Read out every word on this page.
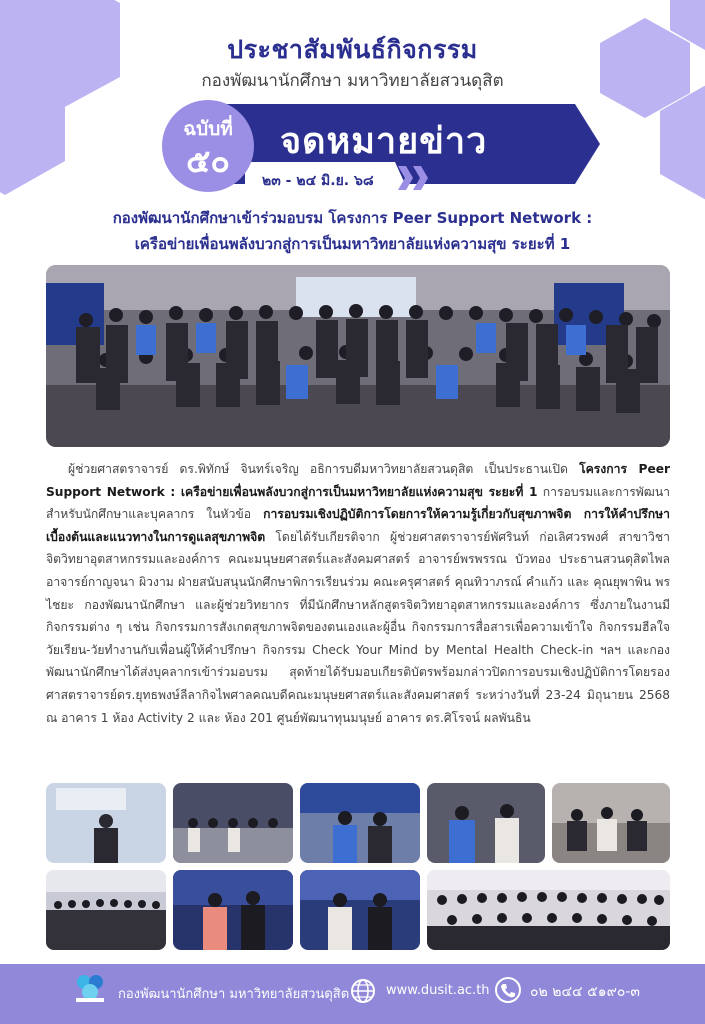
ประชาสัมพันธ์กิจกรรม
กองพัฒนานักศึกษา มหาวิทยาลัยสวนดุสิต
ฉบับที่
๕๐	จดหมายข่าว
๒๓ - ๒๔ มิ.ย. ๖๘
กองพัฒนานักศึกษาเข้าร่วมอบรม โครงการ Peer Support Network :
เครือข่ายเพื่อนพลังบวกสู่การเป็นมหาวิทยาลัยแห่งความสุข ระยะที่ 1
ผู้ช่วยศาสตราจารย์ ดร.พิทักษ์ จินทร์เจริญ อธิการบดีมหาวิทยาลัยสวนดุสิต เป็นประธานเปิด โครงการ Peer Support Network : เครือข่ายเพื่อนพลังบวกสู่การเป็นมหาวิทยาลัยแห่งความสุข ระยะที่ 1 การอบรมและการพัฒนาสำหรับนักศึกษาและบุคลากร ในหัวข้อ การอบรมเชิงปฏิบัติการโดยการให้ความรู้เกี่ยวกับสุขภาพจิต การให้คำปรึกษาเบื้องต้นและแนวทางในการดูแลสุขภาพจิต โดยได้รับเกียรติจาก ผู้ช่วยศาสตราจารย์พัศรินท์ ก่อเลิศวรพงศ์ สาขาวิชาจิตวิทยาอุตสาหกรรมและองค์การ คณะมนุษยศาสตร์และสังคมศาสตร์ อาจารย์พรพรรณ บัวทอง ประธานสวนดุสิตไพล อาจารย์กาญจนา ผิวงาม ฝ่ายสนับสนุนนักศึกษาพิการเรียนร่วม คณะครุศาสตร์ คุณทิวาภรณ์ คำแก้ว และ คุณยุพาพิน พรไชยะ กองพัฒนานักศึกษา และผู้ช่วยวิทยากร ที่มีนักศึกษาหลักสูตรจิตวิทยาอุตสาหกรรมและองค์การ ซึ่งภายในงานมีกิจกรรมต่าง ๆ เช่น กิจกรรมการสังเกตสุขภาพจิตของตนเองและผู้อื่น กิจกรรมการสื่อสารเพื่อความเข้าใจ กิจกรรมฮีลใจวัยเรียน-วัยทำงานกับเพื่อนผู้ให้คำปรึกษา กิจกรรม Check Your Mind by Mental Health Check-in ฯลฯ และกองพัฒนานักศึกษาได้ส่งบุคลากรเข้าร่วมอบรม สุดท้ายได้รับมอบเกียรติบัตรพร้อมกล่าวปิดการอบรมเชิงปฏิบัติการโดยรองศาสตราจารย์ดร.ยุทธพงษ์ลีลากิจไพศาลคณบดีคณะมนุษยศาสตร์และสังคมศาสตร์ ระหว่างวันที่ 23-24 มิถุนายน 2568 ณ อาคาร 1 ห้อง Activity 2 และ ห้อง 201 ศูนย์พัฒนาทุนมนุษย์ อาคาร ดร.ศิโรจน์ ผลพันธิน
กองพัฒนานักศึกษา มหาวิทยาลัยสวนดุสิต	www.dusit.ac.th	๐๒ ๒๔๔ ๕๑๙๐-๓
